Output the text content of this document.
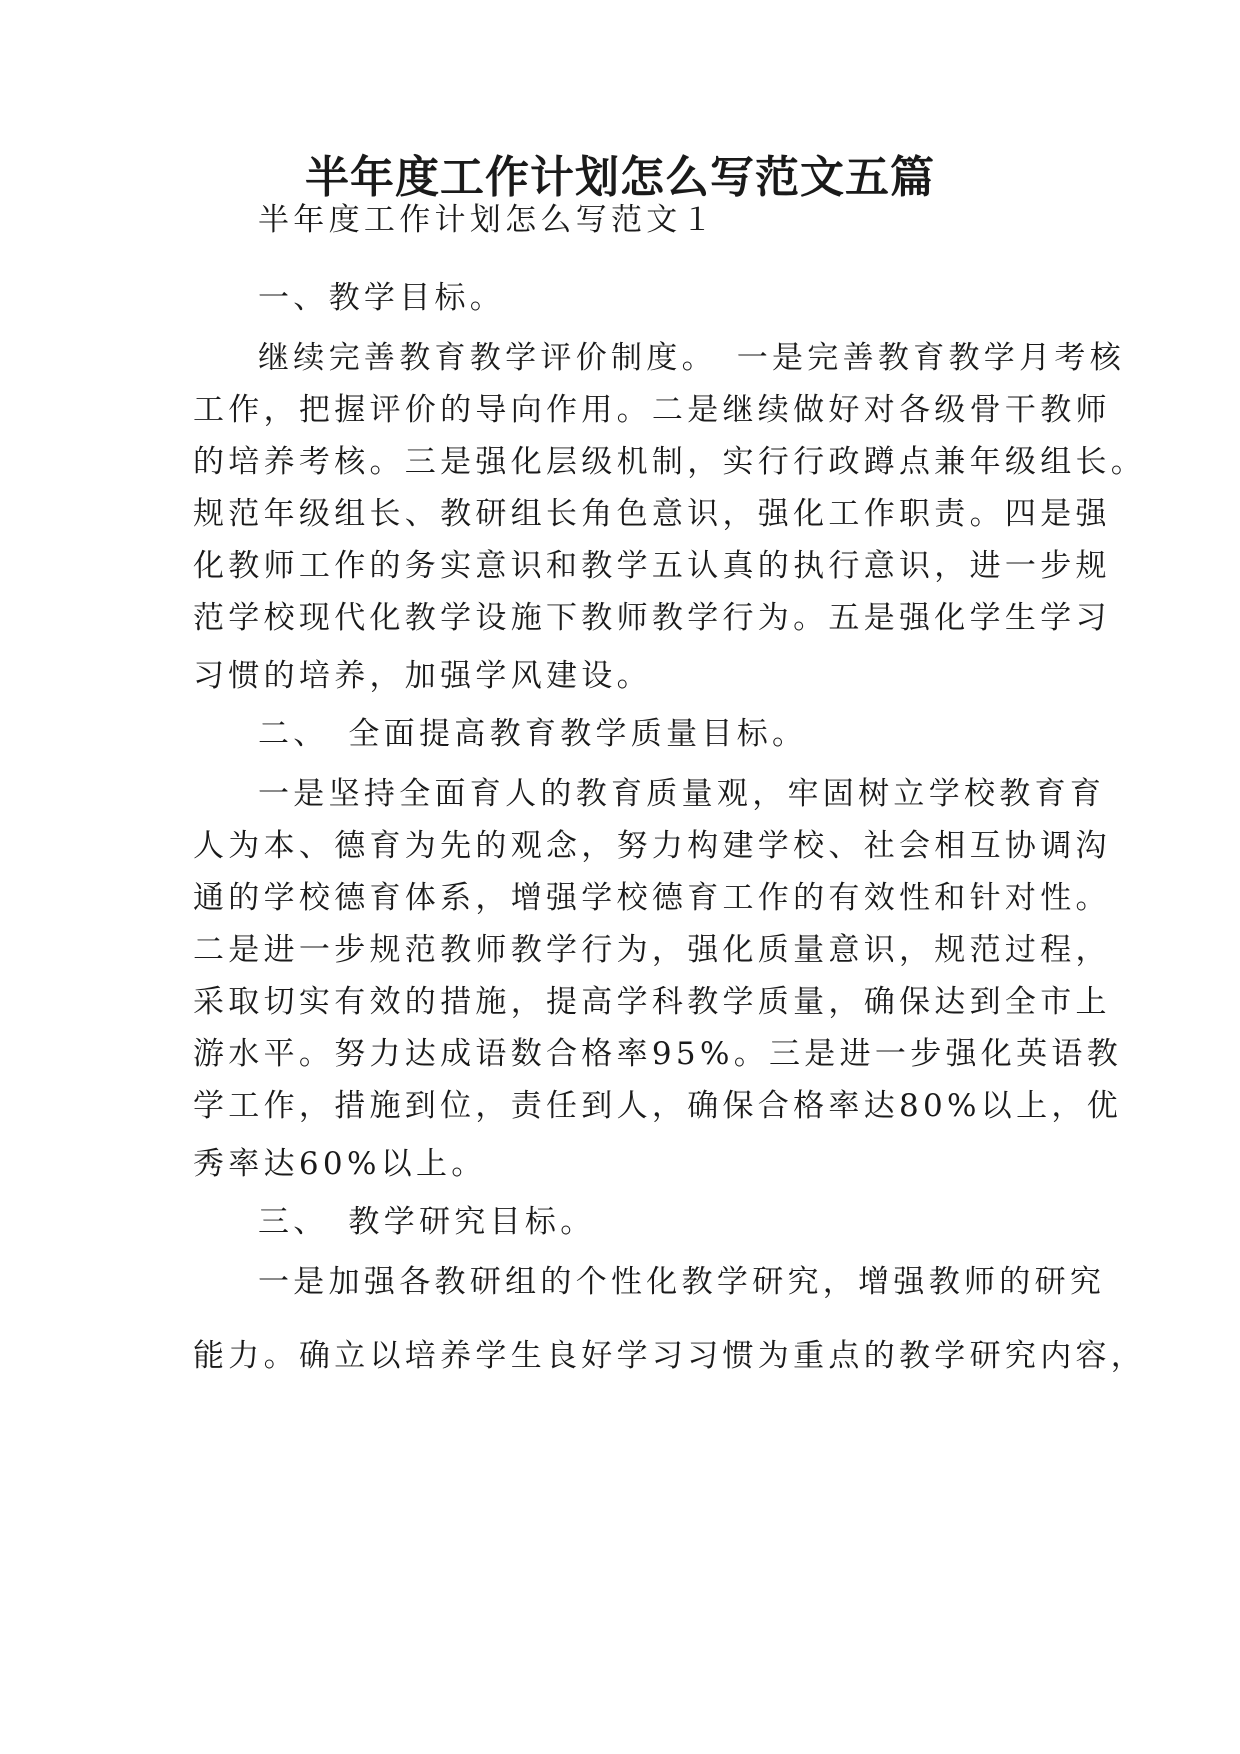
半年度工作计划怎么写范文五篇
半年度工作计划怎么写范文１
一、教学目标。
继续完善教育教学评价制度。　一是完善教育教学月考核
工作，把握评价的导向作用。二是继续做好对各级骨干教师
的培养考核。三是强化层级机制，实行行政蹲点兼年级组长。
规范年级组长、教研组长角色意识，强化工作职责。四是强
化教师工作的务实意识和教学五认真的执行意识，进一步规
范学校现代化教学设施下教师教学行为。五是强化学生学习
习惯的培养，加强学风建设。
二、　全面提高教育教学质量目标。
一是坚持全面育人的教育质量观，牢固树立学校教育育
人为本、德育为先的观念，努力构建学校、社会相互协调沟
通的学校德育体系，增强学校德育工作的有效性和针对性。
二是进一步规范教师教学行为，强化质量意识，规范过程，
采取切实有效的措施，提高学科教学质量，确保达到全市上
游水平。努力达成语数合格率95%。三是进一步强化英语教
学工作，措施到位，责任到人，确保合格率达80%以上，优
秀率达60%以上。
三、　教学研究目标。
一是加强各教研组的个性化教学研究，增强教师的研究
能力。确立以培养学生良好学习习惯为重点的教学研究内容，
